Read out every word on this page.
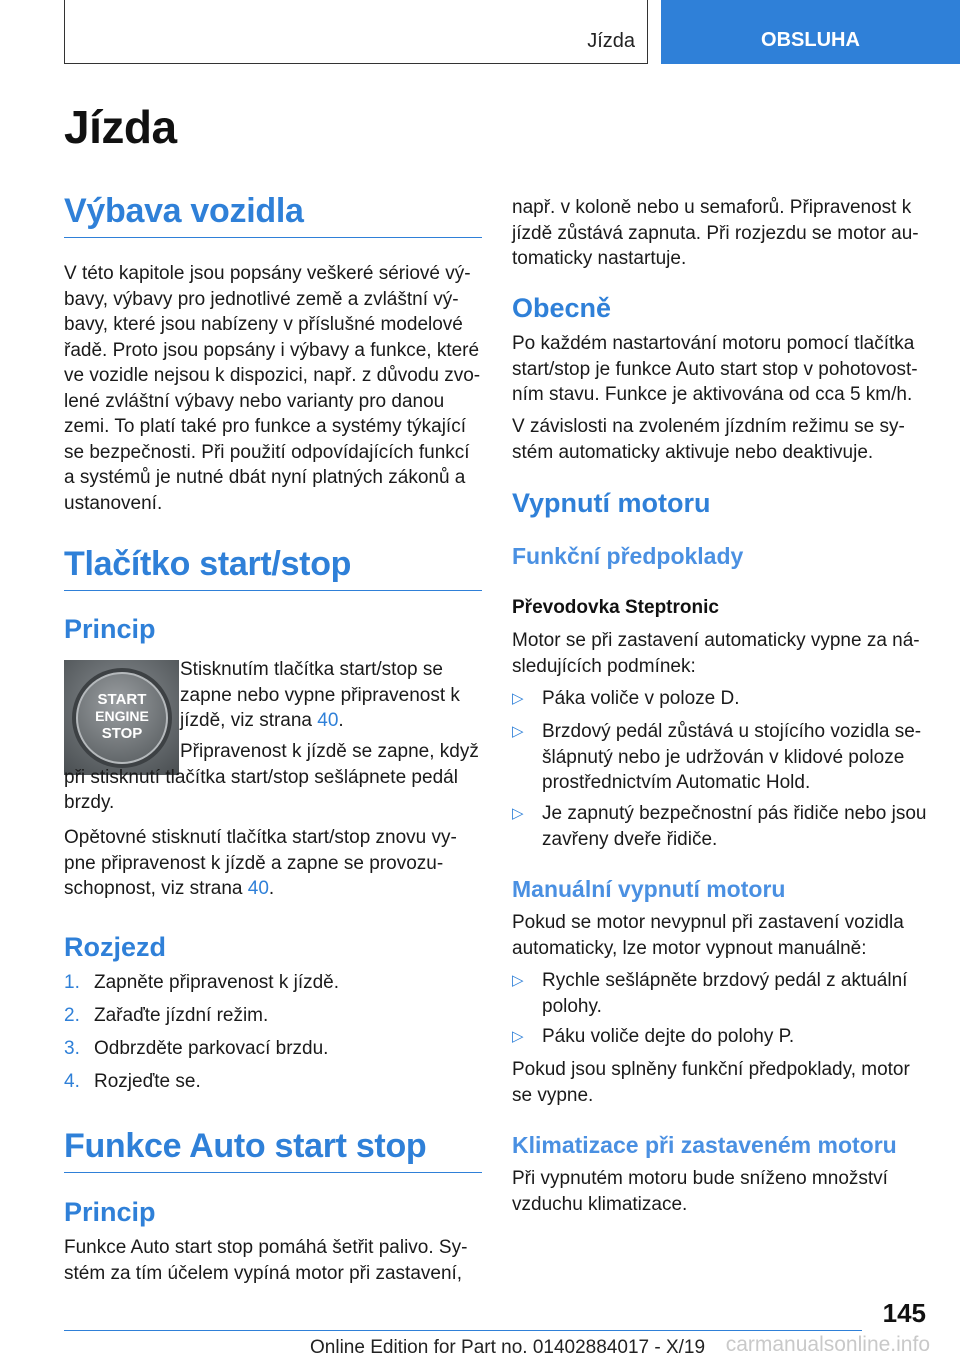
Jízda	OBSLUHA
Jízda
Výbava vozidla

V této kapitole jsou popsány veškeré sériové vý‐bavy, výbavy pro jednotlivé země a zvláštní vý‐bavy, které jsou nabízeny v příslušné modelové řadě. Proto jsou popsány i výbavy a funkce, které ve vozidle nejsou k dispozici, např. z důvodu zvo‐lené zvláštní výbavy nebo varianty pro danou zemi. To platí také pro funkce a systémy týkající se bezpečnosti. Při použití odpovídajících funkcí a systémů je nutné dbát nyní platných zákonů a ustanovení.

Tlačítko start/stop
Princip
START
ENGINE
STOP

Stisknutím tlačítka start/stop se zapne nebo vypne připravenost k jízdě, viz strana 40.

Připravenost k jízdě se zapne, když při stisknutí tlačítka start/stop sešlápnete pedál brzdy.

Opětovné stisknutí tlačítka start/stop znovu vy‐pne připravenost k jízdě a zapne se provozu‐schopnost, viz strana 40.

Rozjezd
1. Zapněte připravenost k jízdě.
2. Zařaďte jízdní režim.
3. Odbrzděte parkovací brzdu.
4. Rozjeďte se.
Funkce Auto start stop
Princip

Funkce Auto start stop pomáhá šetřit palivo. Sy‐stém za tím účelem vypíná motor při zastavení,

např. v koloně nebo u semaforů. Připravenost k jízdě zůstává zapnuta. Při rozjezdu se motor au‐tomaticky nastartuje.

Obecně

Po každém nastartování motoru pomocí tlačítka start/stop je funkce Auto start stop v pohotovost‐ním stavu. Funkce je aktivována od cca 5 km/h.

V závislosti na zvoleném jízdním režimu se sy‐stém automaticky aktivuje nebo deaktivuje.

Vypnutí motoru
Funkční předpoklady
Převodovka Steptronic

Motor se při zastavení automaticky vypne za ná‐sledujících podmínek:

▷ Páka voliče v poloze D.
▷ Brzdový pedál zůstává u stojícího vozidla se‐šlápnutý nebo je udržován v klidové poloze prostřednictvím Automatic Hold.
▷ Je zapnutý bezpečnostní pás řidiče nebo jsou zavřeny dveře řidiče.
Manuální vypnutí motoru

Pokud se motor nevypnul při zastavení vozidla automaticky, lze motor vypnout manuálně:

▷ Rychle sešlápněte brzdový pedál z aktuální polohy.
▷ Páku voliče dejte do polohy P.

Pokud jsou splněny funkční předpoklady, motor se vypne.

Klimatizace při zastaveném motoru

Při vypnutém motoru bude sníženo množství vzduchu klimatizace.

145
Online Edition for Part no. 01402884017 - X/19 carmanualsonline.info
